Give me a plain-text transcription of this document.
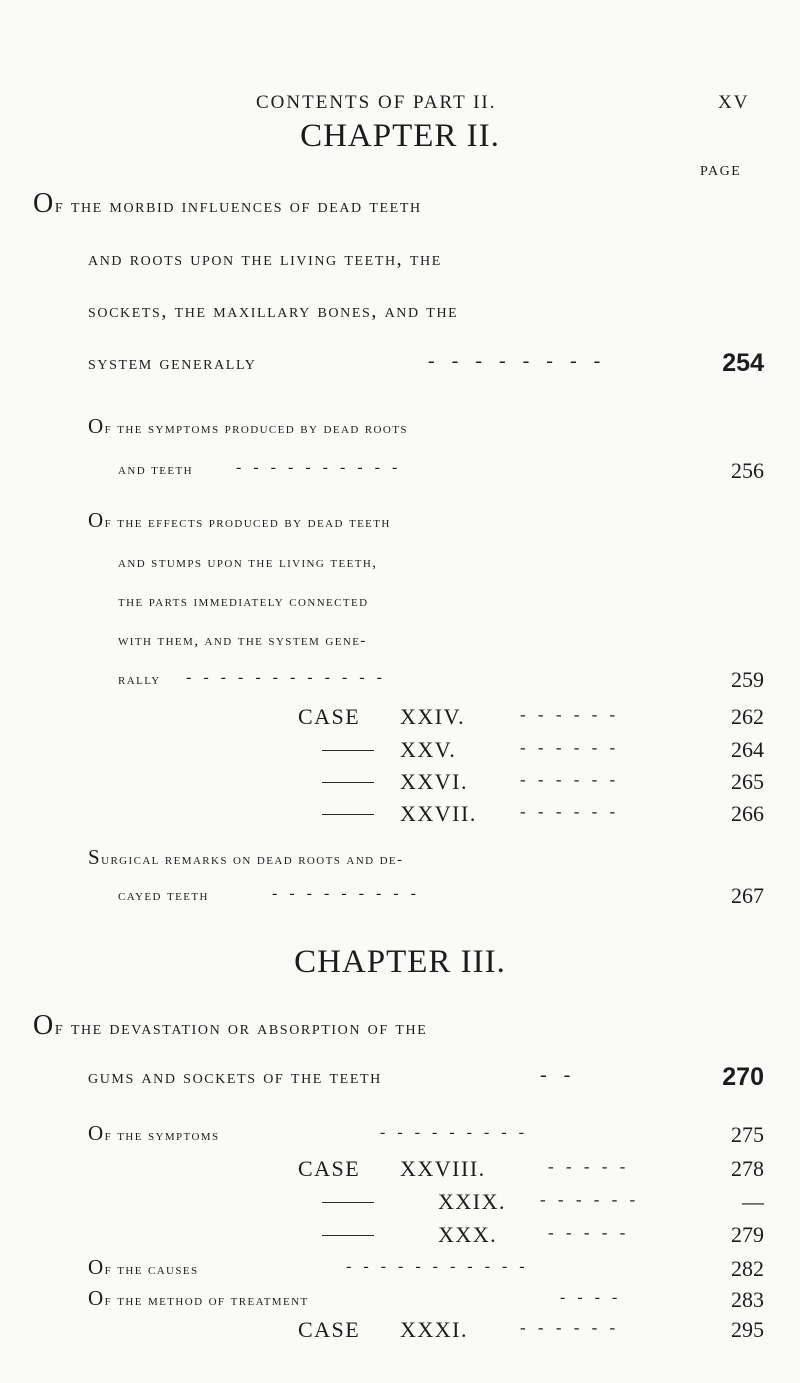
CONTENTS OF PART II.	XV
CHAPTER II.
PAGE
Of the morbid influences of dead teeth
and roots upon the living teeth, the
sockets, the maxillary bones, and the
system generally	- - - - - - - -	254
Of the symptoms produced by dead roots
and teeth	- - - - - - - - - -	256
Of the effects produced by dead teeth
and stumps upon the living teeth,
the parts immediately connected
with them, and the system gene-
rally - - - - - - - - - - - -	259
CASE XXIV.	- - - - - -	262
XXV.	- - - - - -	264
XXVI.	- - - - - -	265
XXVII.	- - - - - -	266
Surgical remarks on dead roots and de-
cayed teeth	- - - - - - - - -	267
CHAPTER III.
Of the devastation or absorption of the
gums and sockets of the teeth	- -	270
Of the symptoms	- - - - - - - - -	275
CASE XXVIII.	- - - - -	278
XXIX. - - - - - -	—
XXX.	- - - - -	279
Of the causes	- - - - - - - - - - -	282
Of the method of treatment	- - - -	283
CASE XXXI.	- - - - - -	295
